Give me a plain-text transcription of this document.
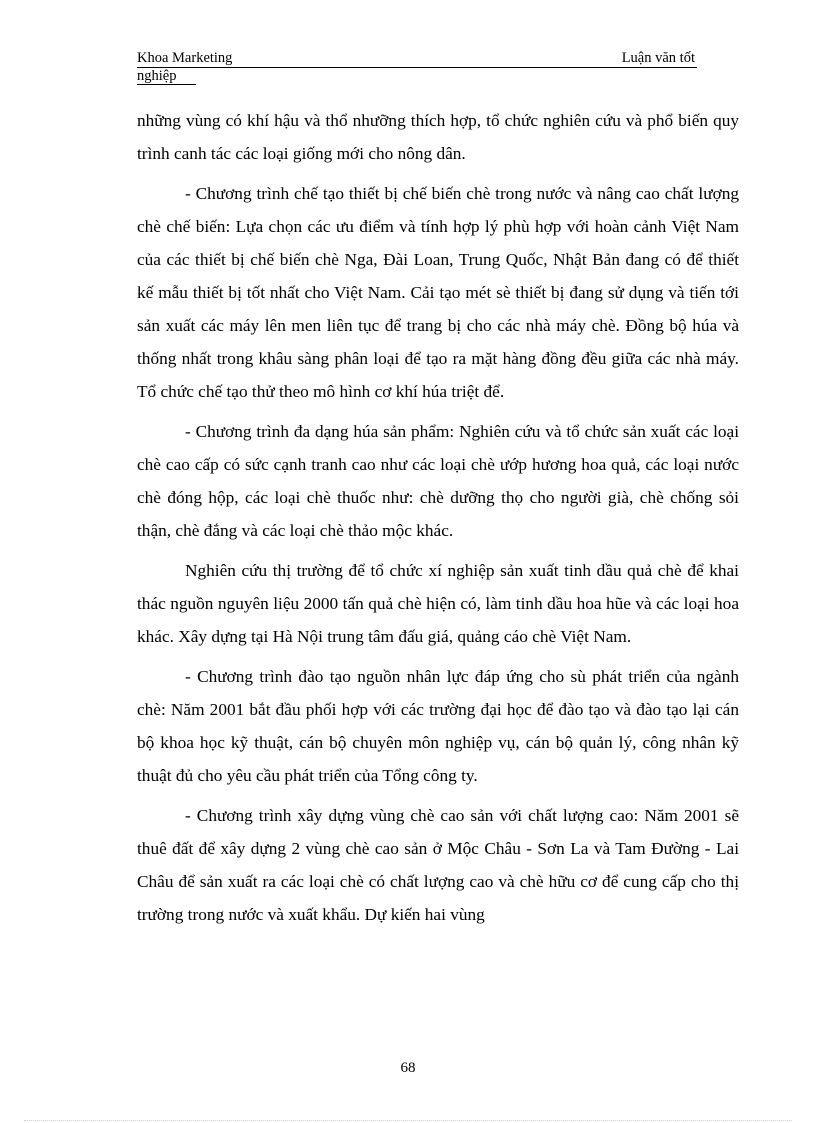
Khoa Marketing	Luận văn tốt
nghiệp

những vùng có khí hậu và thổ nhưỡng thích hợp, tổ chức nghiên cứu và phổ biến quy trình canh tác các loại giống mới cho nông dân.

- Chương trình chế tạo thiết bị chế biến chè trong nước và nâng cao chất lượng chè chế biến: Lựa chọn các ưu điểm và tính hợp lý phù hợp với hoàn cảnh Việt Nam của các thiết bị chế biến chè Nga, Đài Loan, Trung Quốc, Nhật Bản đang có để thiết kế mẫu thiết bị tốt nhất cho Việt Nam. Cải tạo mét sè thiết bị đang sử dụng và tiến tới sản xuất các máy lên men liên tục để trang bị cho các nhà máy chè. Đồng bộ húa và thống nhất trong khâu sàng phân loại để tạo ra mặt hàng đồng đều giữa các nhà máy. Tổ chức chế tạo thử theo mô hình cơ khí húa triệt để.

- Chương trình đa dạng húa sản phẩm: Nghiên cứu và tổ chức sản xuất các loại chè cao cấp có sức cạnh tranh cao như các loại chè ướp hương hoa quả, các loại nước chè đóng hộp, các loại chè thuốc như: chè dưỡng thọ cho người già, chè chống sỏi thận, chè đắng và các loại chè thảo mộc khác.

Nghiên cứu thị trường để tổ chức xí nghiệp sản xuất tinh dầu quả chè để khai thác nguồn nguyên liệu 2000 tấn quả chè hiện có, làm tinh dầu hoa hũe và các loại hoa khác. Xây dựng tại Hà Nội trung tâm đấu giá, quảng cáo chè Việt Nam.

- Chương trình đào tạo nguồn nhân lực đáp ứng cho sù phát triển của ngành chè: Năm 2001 bắt đầu phối hợp với các trường đại học để đào tạo và đào tạo lại cán bộ khoa học kỹ thuật, cán bộ chuyên môn nghiệp vụ, cán bộ quản lý, công nhân kỹ thuật đủ cho yêu cầu phát triển của Tổng công ty.

- Chương trình xây dựng vùng chè cao sản với chất lượng cao: Năm 2001 sẽ thuê đất để xây dựng 2 vùng chè cao sản ở Mộc Châu - Sơn La và Tam Đường - Lai Châu để sản xuất ra các loại chè có chất lượng cao và chè hữu cơ để cung cấp cho thị trường trong nước và xuất khẩu. Dự kiến hai vùng

68
